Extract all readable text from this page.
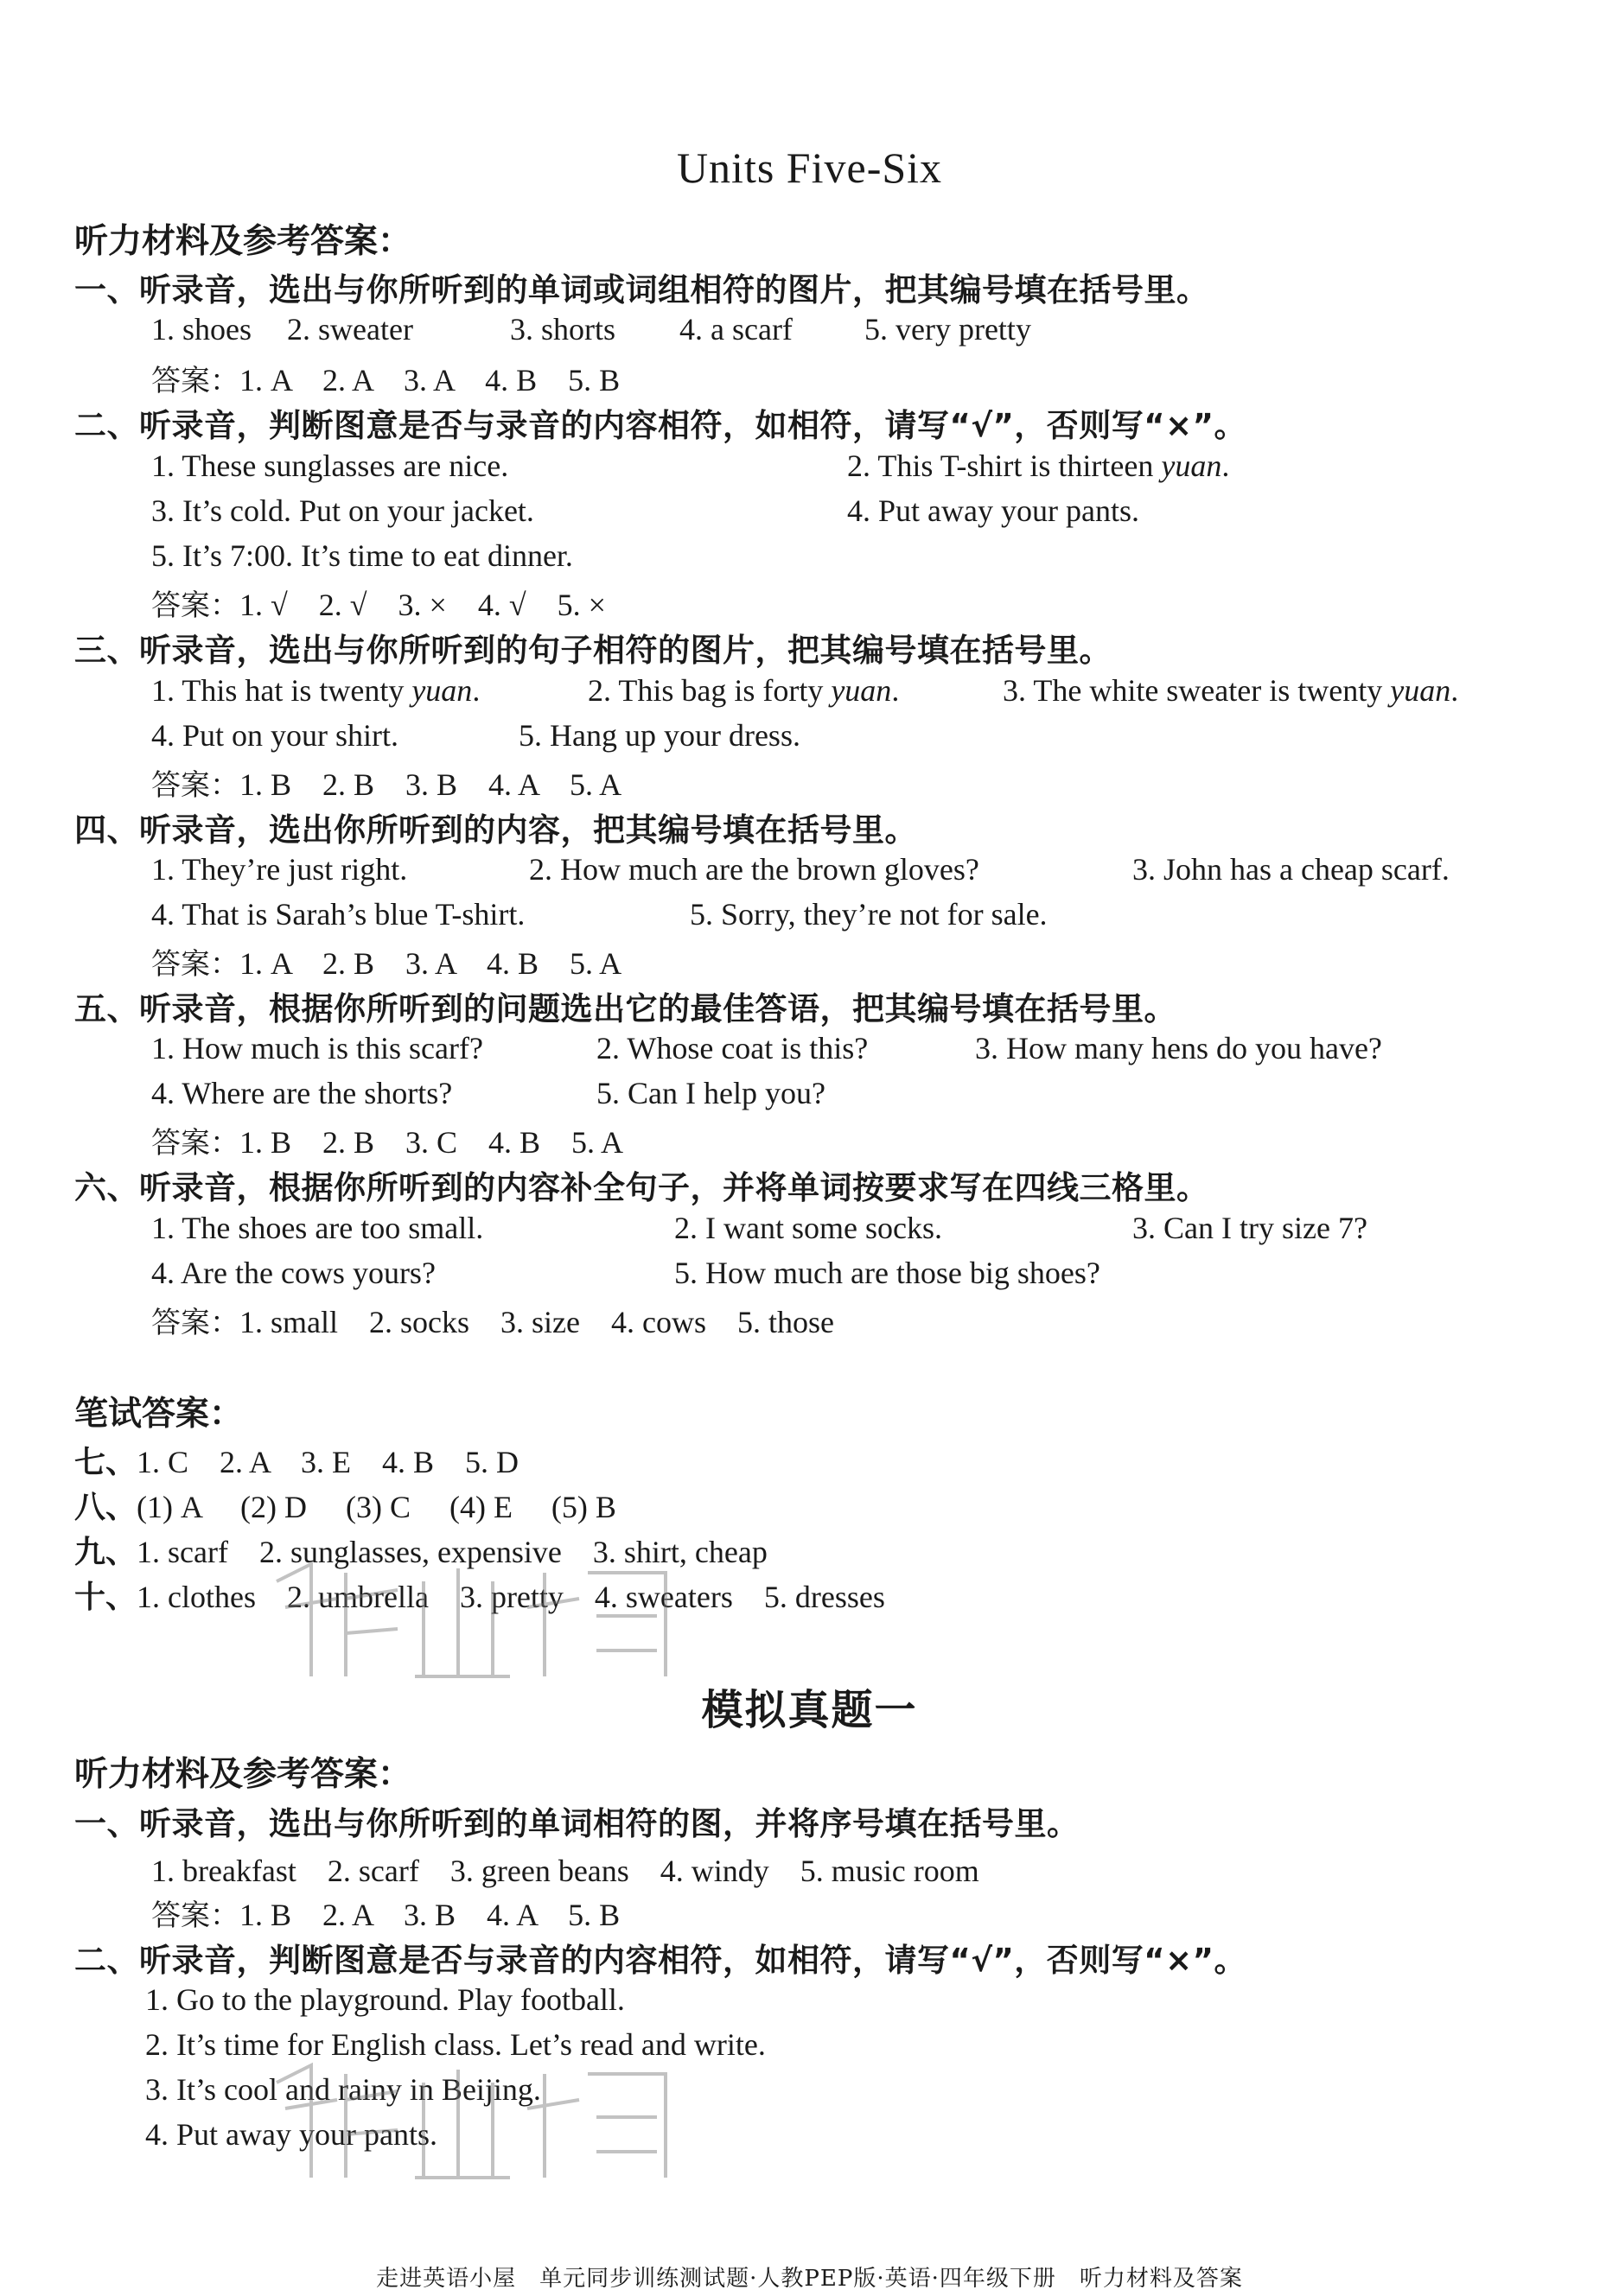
Units Five-Six
听力材料及参考答案：
一、听录音，选出与你所听到的单词或词组相符的图片，把其编号填在括号里。
1. shoes 2. sweater	3. shorts 4. a scarf 5. very pretty
答案：1. A　2. A　3. A　4. B　5. B
二、听录音，判断图意是否与录音的内容相符，如相符，请写“√”，否则写“×”。
1. These sunglasses are nice.	2. This T-shirt is thirteen yuan.
3. It’s cold. Put on your jacket.	4. Put away your pants.
5. It’s 7:00. It’s time to eat dinner.
答案：1. √　2. √　3. ×　4. √　5. ×
三、听录音，选出与你所听到的句子相符的图片，把其编号填在括号里。
1. This hat is twenty yuan.	2. This bag is forty yuan.	3. The white sweater is twenty yuan.
4. Put on your shirt.	5. Hang up your dress.
答案：1. B　2. B　3. B　4. A　5. A
四、听录音，选出你所听到的内容，把其编号填在括号里。
1. They’re just right.	2. How much are the brown gloves?	3. John has a cheap scarf.
4. That is Sarah’s blue T-shirt.	5. Sorry, they’re not for sale.
答案：1. A　2. B　3. A　4. B　5. A
五、听录音，根据你所听到的问题选出它的最佳答语，把其编号填在括号里。
1. How much is this scarf?	2. Whose coat is this?	3. How many hens do you have?
4. Where are the shorts?	5. Can I help you?
答案：1. B　2. B　3. C　4. B　5. A
六、听录音，根据你所听到的内容补全句子，并将单词按要求写在四线三格里。
1. The shoes are too small.	2. I want some socks.	3. Can I try size 7?
4. Are the cows yours?	5. How much are those big shoes?
答案：1. small　2. socks　3. size　4. cows　5. those
笔试答案：
七、1. C　2. A　3. E　4. B　5. D
八、(1) A　 (2) D　 (3) C　 (4) E　 (5) B
九、1. scarf　2. sunglasses, expensive　3. shirt, cheap
十、1. clothes　2. umbrella　3. pretty　4. sweaters　5. dresses
模拟真题一
听力材料及参考答案：
一、听录音，选出与你所听到的单词相符的图，并将序号填在括号里。
1. breakfast　2. scarf　3. green beans　4. windy　5. music room
答案：1. B　2. A　3. B　4. A　5. B
二、听录音，判断图意是否与录音的内容相符，如相符，请写“√”，否则写“×”。
1. Go to the playground. Play football.
2. It’s time for English class. Let’s read and write.
3. It’s cool and rainy in Beijing.
4. Put away your pants.
走进英语小屋　单元同步训练测试题·人教PEP版·英语·四年级下册　听力材料及答案
